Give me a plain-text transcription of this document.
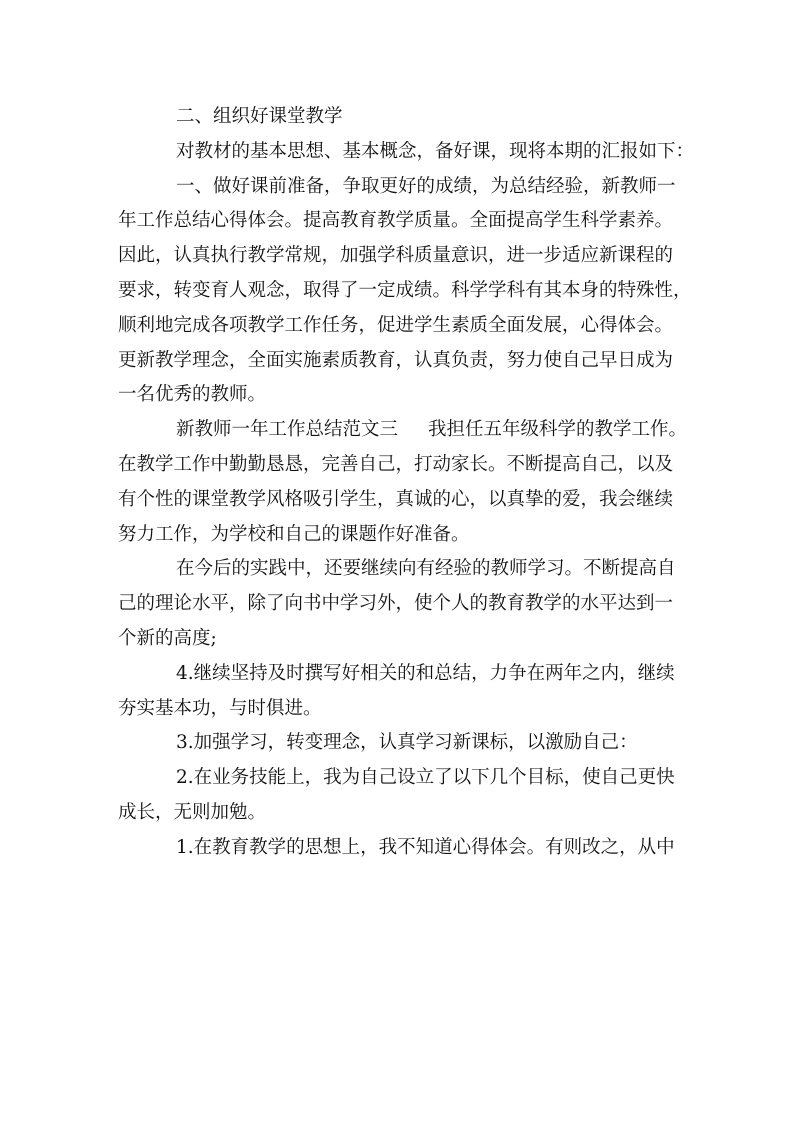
二、组织好课堂教学
对教材的基本思想、基本概念，备好课，现将本期的汇报如下：
一、做好课前准备，争取更好的成绩，为总结经验，新教师一
年工作总结心得体会。提高教育教学质量。全面提高学生科学素养。
因此，认真执行教学常规，加强学科质量意识，进一步适应新课程的
要求，转变育人观念，取得了一定成绩。科学学科有其本身的特殊性，
顺利地完成各项教学工作任务，促进学生素质全面发展，心得体会。
更新教学理念，全面实施素质教育，认真负责，努力使自己早日成为
一名优秀的教师。
新教师一年工作总结范文三 我担任五年级科学的教学工作。
在教学工作中勤勤恳恳，完善自己，打动家长。不断提高自己，以及
有个性的课堂教学风格吸引学生，真诚的心，以真挚的爱，我会继续
努力工作，为学校和自己的课题作好准备。
在今后的实践中，还要继续向有经验的教师学习。不断提高自
己的理论水平，除了向书中学习外，使个人的教育教学的水平达到一
个新的高度;
4.继续坚持及时撰写好相关的和总结，力争在两年之内，继续
夯实基本功，与时俱进。
3.加强学习，转变理念，认真学习新课标，以激励自己：
2.在业务技能上，我为自己设立了以下几个目标，使自己更快
成长，无则加勉。
1.在教育教学的思想上，我不知道心得体会。有则改之，从中
